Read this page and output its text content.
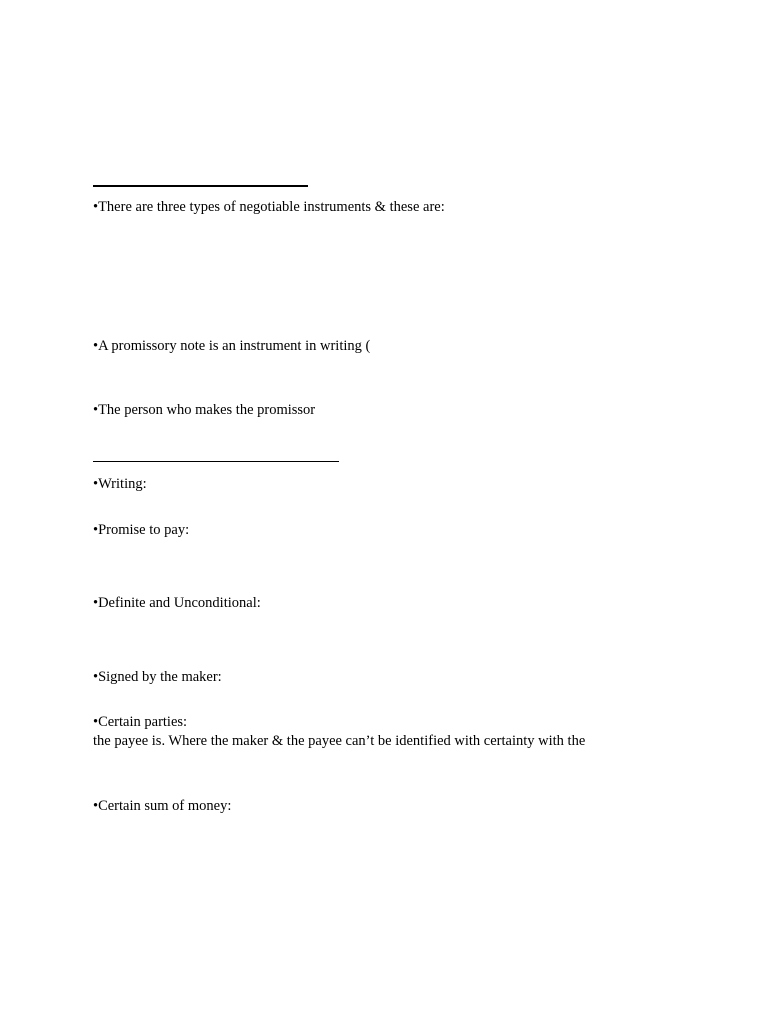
•There are three types of negotiable instruments & these are:
•A promissory note is an instrument in writing (
•The person who makes the promissor
•Writing:
•Promise to pay:
•Definite and Unconditional:
•Signed by the maker:
•Certain parties:
the payee is. Where the maker & the payee can’t be identified with certainty with the
•Certain sum of money:
